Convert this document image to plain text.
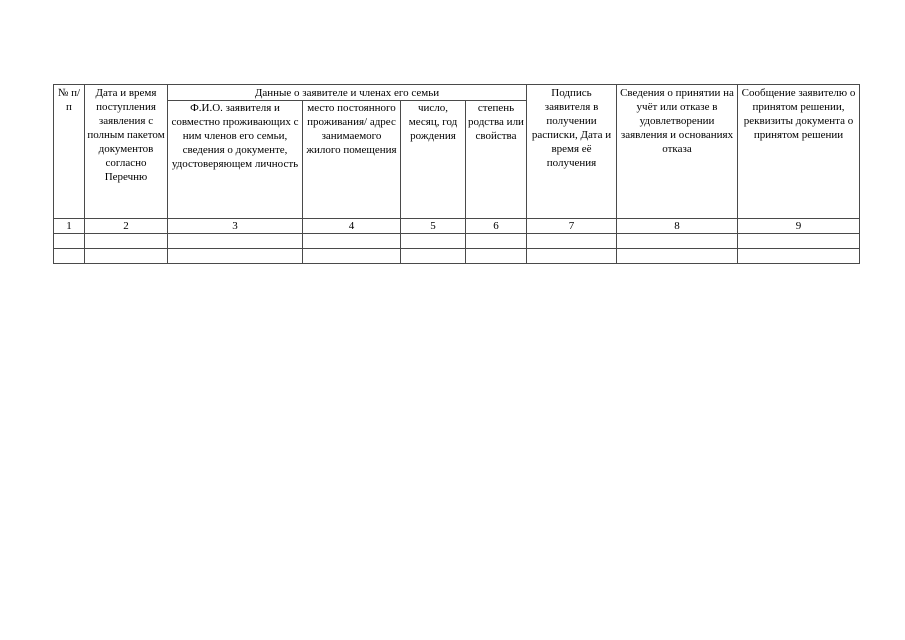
№ п/п	Дата и время поступления заявления с полным пакетом документов согласно Перечню	Данные о заявителе и членах его семьи				Подпись заявителя в получении расписки, Дата и время её получения	Сведения о принятии на учёт или отказе в удовлетворении заявления и основаниях отказа	Сообщение заявителю о принятом решении, реквизиты документа о принятом решении
		Ф.И.О. заявителя и совместно проживающих с ним членов его семьи, сведения о документе, удостоверяющем личность	место постоянного проживания/ адрес занимаемого жилого помещения	число, месяц, год рождения	степень родства или свойства			
1	2	3	4	5	6	7	8	9
